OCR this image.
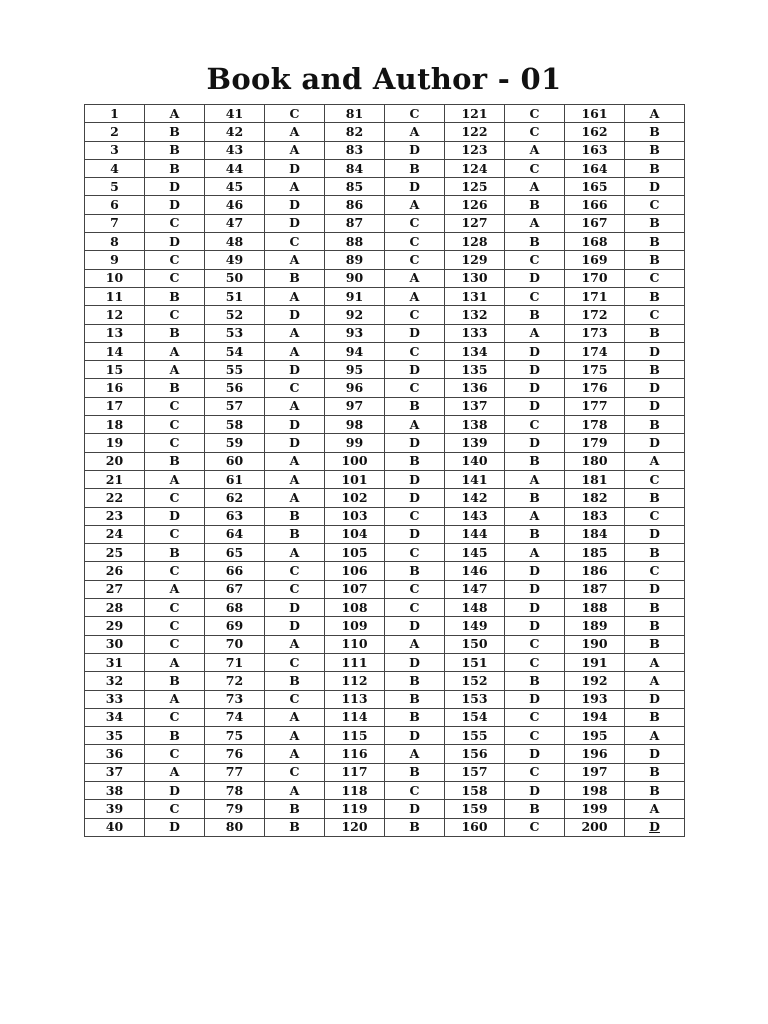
Book and Author - 01
1	A	41	C	81	C	121	C	161	A
2	B	42	A	82	A	122	C	162	B
3	B	43	A	83	D	123	A	163	B
4	B	44	D	84	B	124	C	164	B
5	D	45	A	85	D	125	A	165	D
6	D	46	D	86	A	126	B	166	C
7	C	47	D	87	C	127	A	167	B
8	D	48	C	88	C	128	B	168	B
9	C	49	A	89	C	129	C	169	B
10	C	50	B	90	A	130	D	170	C
11	B	51	A	91	A	131	C	171	B
12	C	52	D	92	C	132	B	172	C
13	B	53	A	93	D	133	A	173	B
14	A	54	A	94	C	134	D	174	D
15	A	55	D	95	D	135	D	175	B
16	B	56	C	96	C	136	D	176	D
17	C	57	A	97	B	137	D	177	D
18	C	58	D	98	A	138	C	178	B
19	C	59	D	99	D	139	D	179	D
20	B	60	A	100	B	140	B	180	A
21	A	61	A	101	D	141	A	181	C
22	C	62	A	102	D	142	B	182	B
23	D	63	B	103	C	143	A	183	C
24	C	64	B	104	D	144	B	184	D
25	B	65	A	105	C	145	A	185	B
26	C	66	C	106	B	146	D	186	C
27	A	67	C	107	C	147	D	187	D
28	C	68	D	108	C	148	D	188	B
29	C	69	D	109	D	149	D	189	B
30	C	70	A	110	A	150	C	190	B
31	A	71	C	111	D	151	C	191	A
32	B	72	B	112	B	152	B	192	A
33	A	73	C	113	B	153	D	193	D
34	C	74	A	114	B	154	C	194	B
35	B	75	A	115	D	155	C	195	A
36	C	76	A	116	A	156	D	196	D
37	A	77	C	117	B	157	C	197	B
38	D	78	A	118	C	158	D	198	B
39	C	79	B	119	D	159	B	199	A
40	D	80	B	120	B	160	C	200	D
